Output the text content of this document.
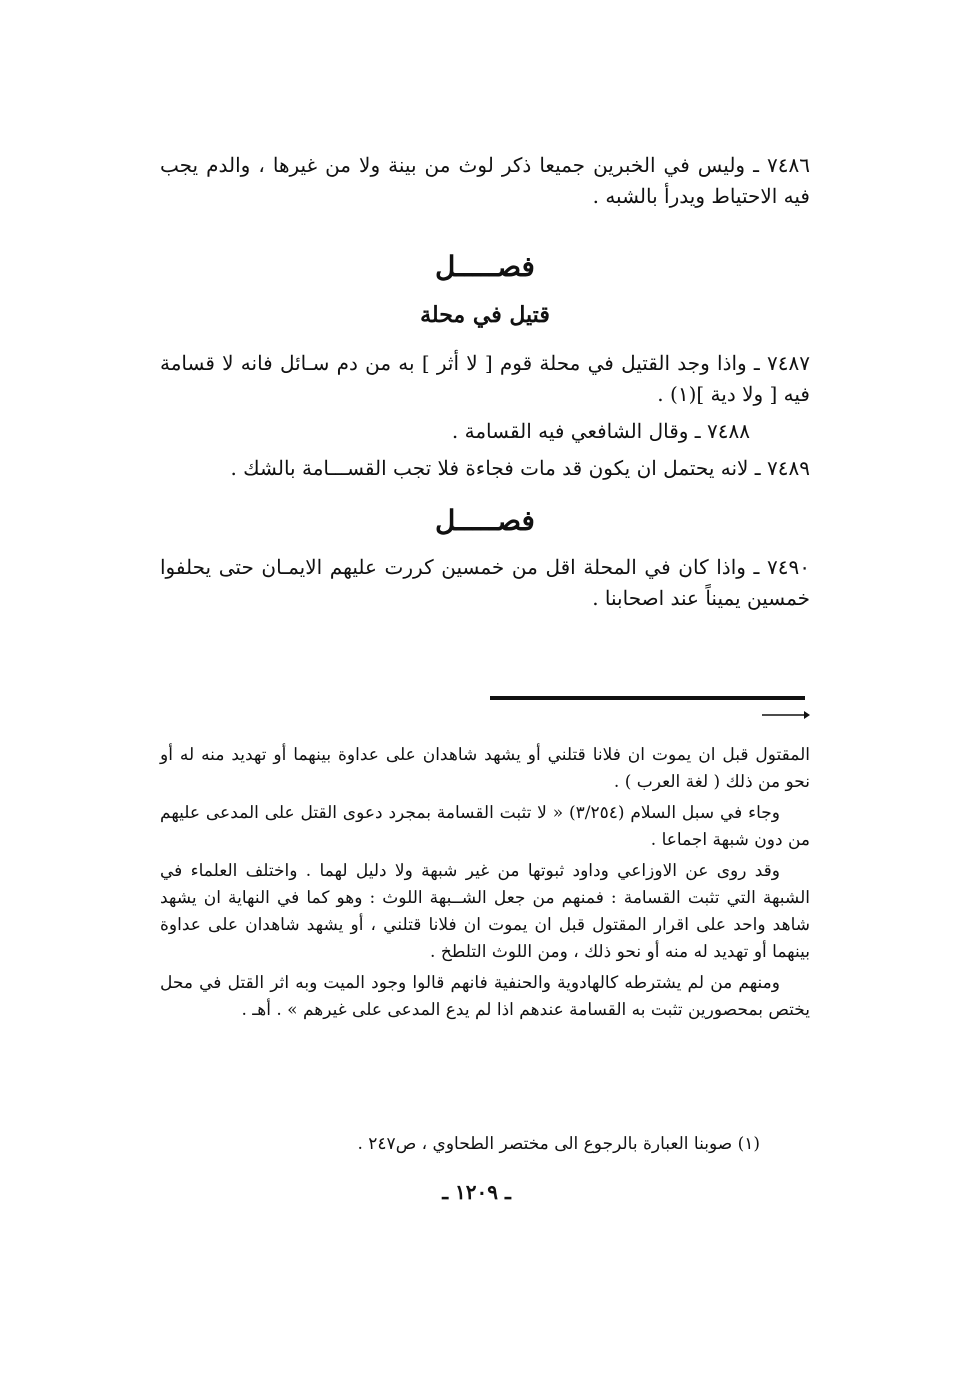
٧٤٨٦ ـ وليس في الخبرين جميعا ذكر لوث من بينة ولا من غيرها ، والدم يجب فيه الاحتياط ويدرأ بالشبه .

فصـــــل

قتيل في محلة

٧٤٨٧ ـ واذا وجد القتيل في محلة قوم [ لا أثر ] به من دم سـائل فانه لا قسامة فيه [ ولا دية ](١) .

٧٤٨٨ ـ وقال الشافعي فيه القسامة .

٧٤٨٩ ـ لانه يحتمل ان يكون قد مات فجاءة فلا تجب القســـامة بالشك .

فصـــــل

٧٤٩٠ ـ واذا كان في المحلة اقل من خمسين كررت عليهم الايمـان حتى يحلفوا خمسين يميناً عند اصحابنا .

المقتول قبل ان يموت ان فلانا قتلني أو يشهد شاهدان على عداوة بينهما أو تهديد منه له أو نحو من ذلك ( لغة العرب ) .

وجاء في سبل السلام (٣/٢٥٤) « لا تثبت القسامة بمجرد دعوى القتل على المدعى عليهم من دون شبهة اجماعا .

وقد روى عن الاوزاعي وداود ثبوتها من غير شبهة ولا دليل لهما . واختلف العلماء في الشبهة التي تثبت القسامة : فمنهم من جعل الشــبهة اللوث : وهو كما في النهاية ان يشهد شاهد واحد على اقرار المقتول قبل ان يموت ان فلانا قتلني ، أو يشهد شاهدان على عداوة بينهما أو تهديد له منه أو نحو ذلك ، ومن اللوث التلطخ .

ومنهم من لم يشترطه كالهادوية والحنفية فانهم قالوا وجود الميت وبه اثر القتل في محل يختص بمحصورين تثبت به القسامة عندهم اذا لم يدع المدعى على غيرهم » . أهـ .

(١) صوبنا العبارة بالرجوع الى مختصر الطحاوي ، ص٢٤٧ .

ـ ١٢٠٩ ـ
